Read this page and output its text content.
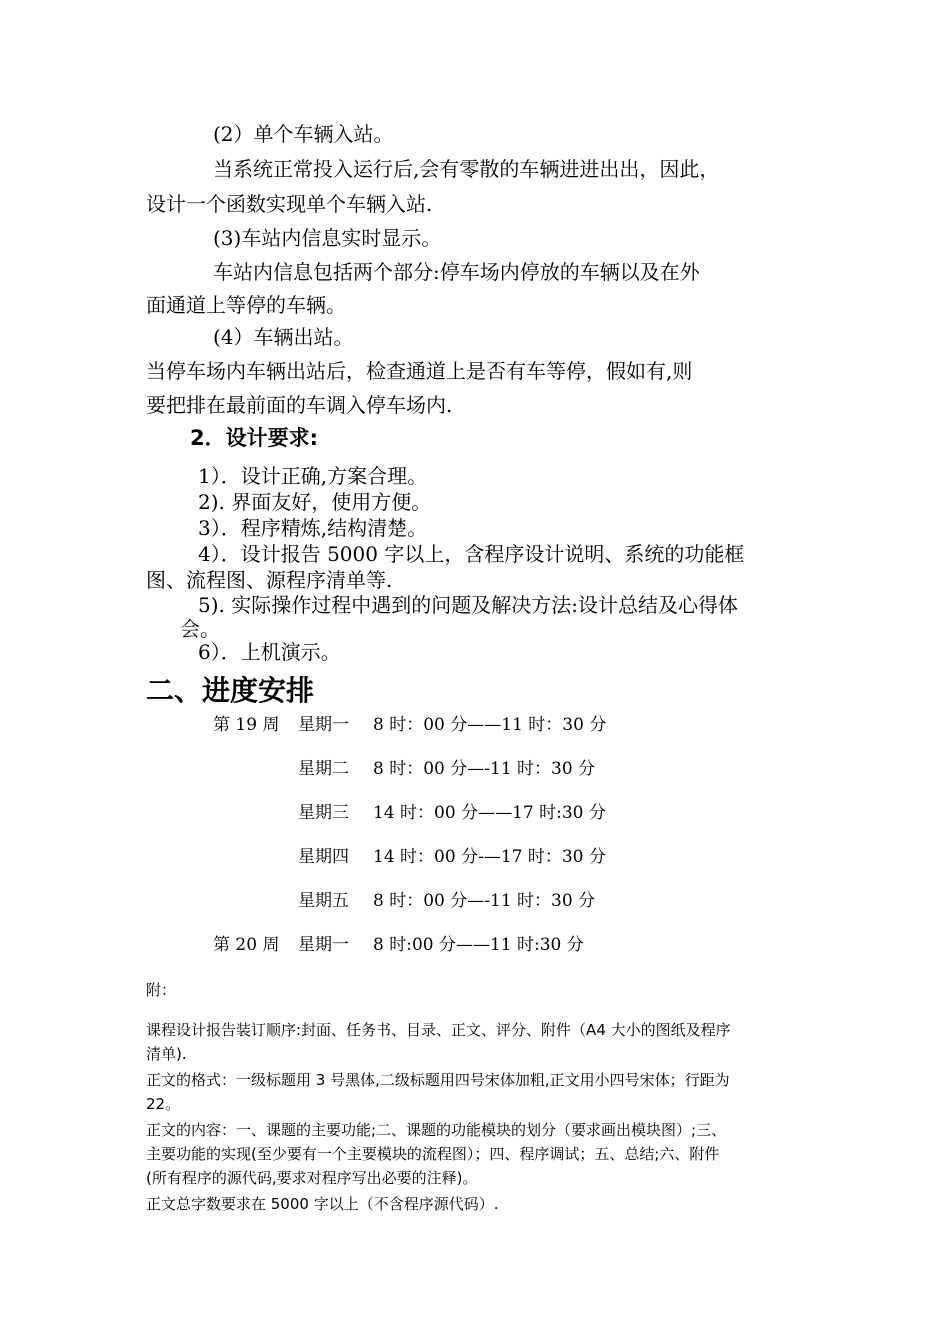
(2）单个车辆入站。
当系统正常投入运行后,会有零散的车辆进进出出，因此，
设计一个函数实现单个车辆入站.
(3)车站内信息实时显示。
车站内信息包括两个部分:停车场内停放的车辆以及在外
面通道上等停的车辆。
(4）车辆出站。
当停车场内车辆出站后，检查通道上是否有车等停，假如有,则
要把排在最前面的车调入停车场内.
2．设计要求:
1）．设计正确,方案合理。
2). 界面友好，使用方便。
3）．程序精炼,结构清楚。
4）．设计报告 5000 字以上，含程序设计说明、系统的功能框
图、流程图、源程序清单等.
5). 实际操作过程中遇到的问题及解决方法:设计总结及心得体
会。
6）．上机演示。
二、进度安排
第 19 周 星期一 8 时：00 分——11 时：30 分
星期二 8 时：00 分—-11 时：30 分
星期三 14 时：00 分——17 时:30 分
星期四 14 时：00 分-—17 时：30 分
星期五 8 时：00 分—-11 时：30 分
第 20 周 星期一 8 时:00 分——11 时:30 分
附：
课程设计报告装订顺序:封面、任务书、目录、正文、评分、附件（A4 大小的图纸及程序
清单).
正文的格式：一级标题用 3 号黑体,二级标题用四号宋体加粗,正文用小四号宋体；行距为
22。
正文的内容：一、课题的主要功能;二、课题的功能模块的划分（要求画出模块图）;三、
主要功能的实现(至少要有一个主要模块的流程图）；四、程序调试；五、总结;六、附件
(所有程序的源代码,要求对程序写出必要的注释)。
正文总字数要求在 5000 字以上（不含程序源代码）.
